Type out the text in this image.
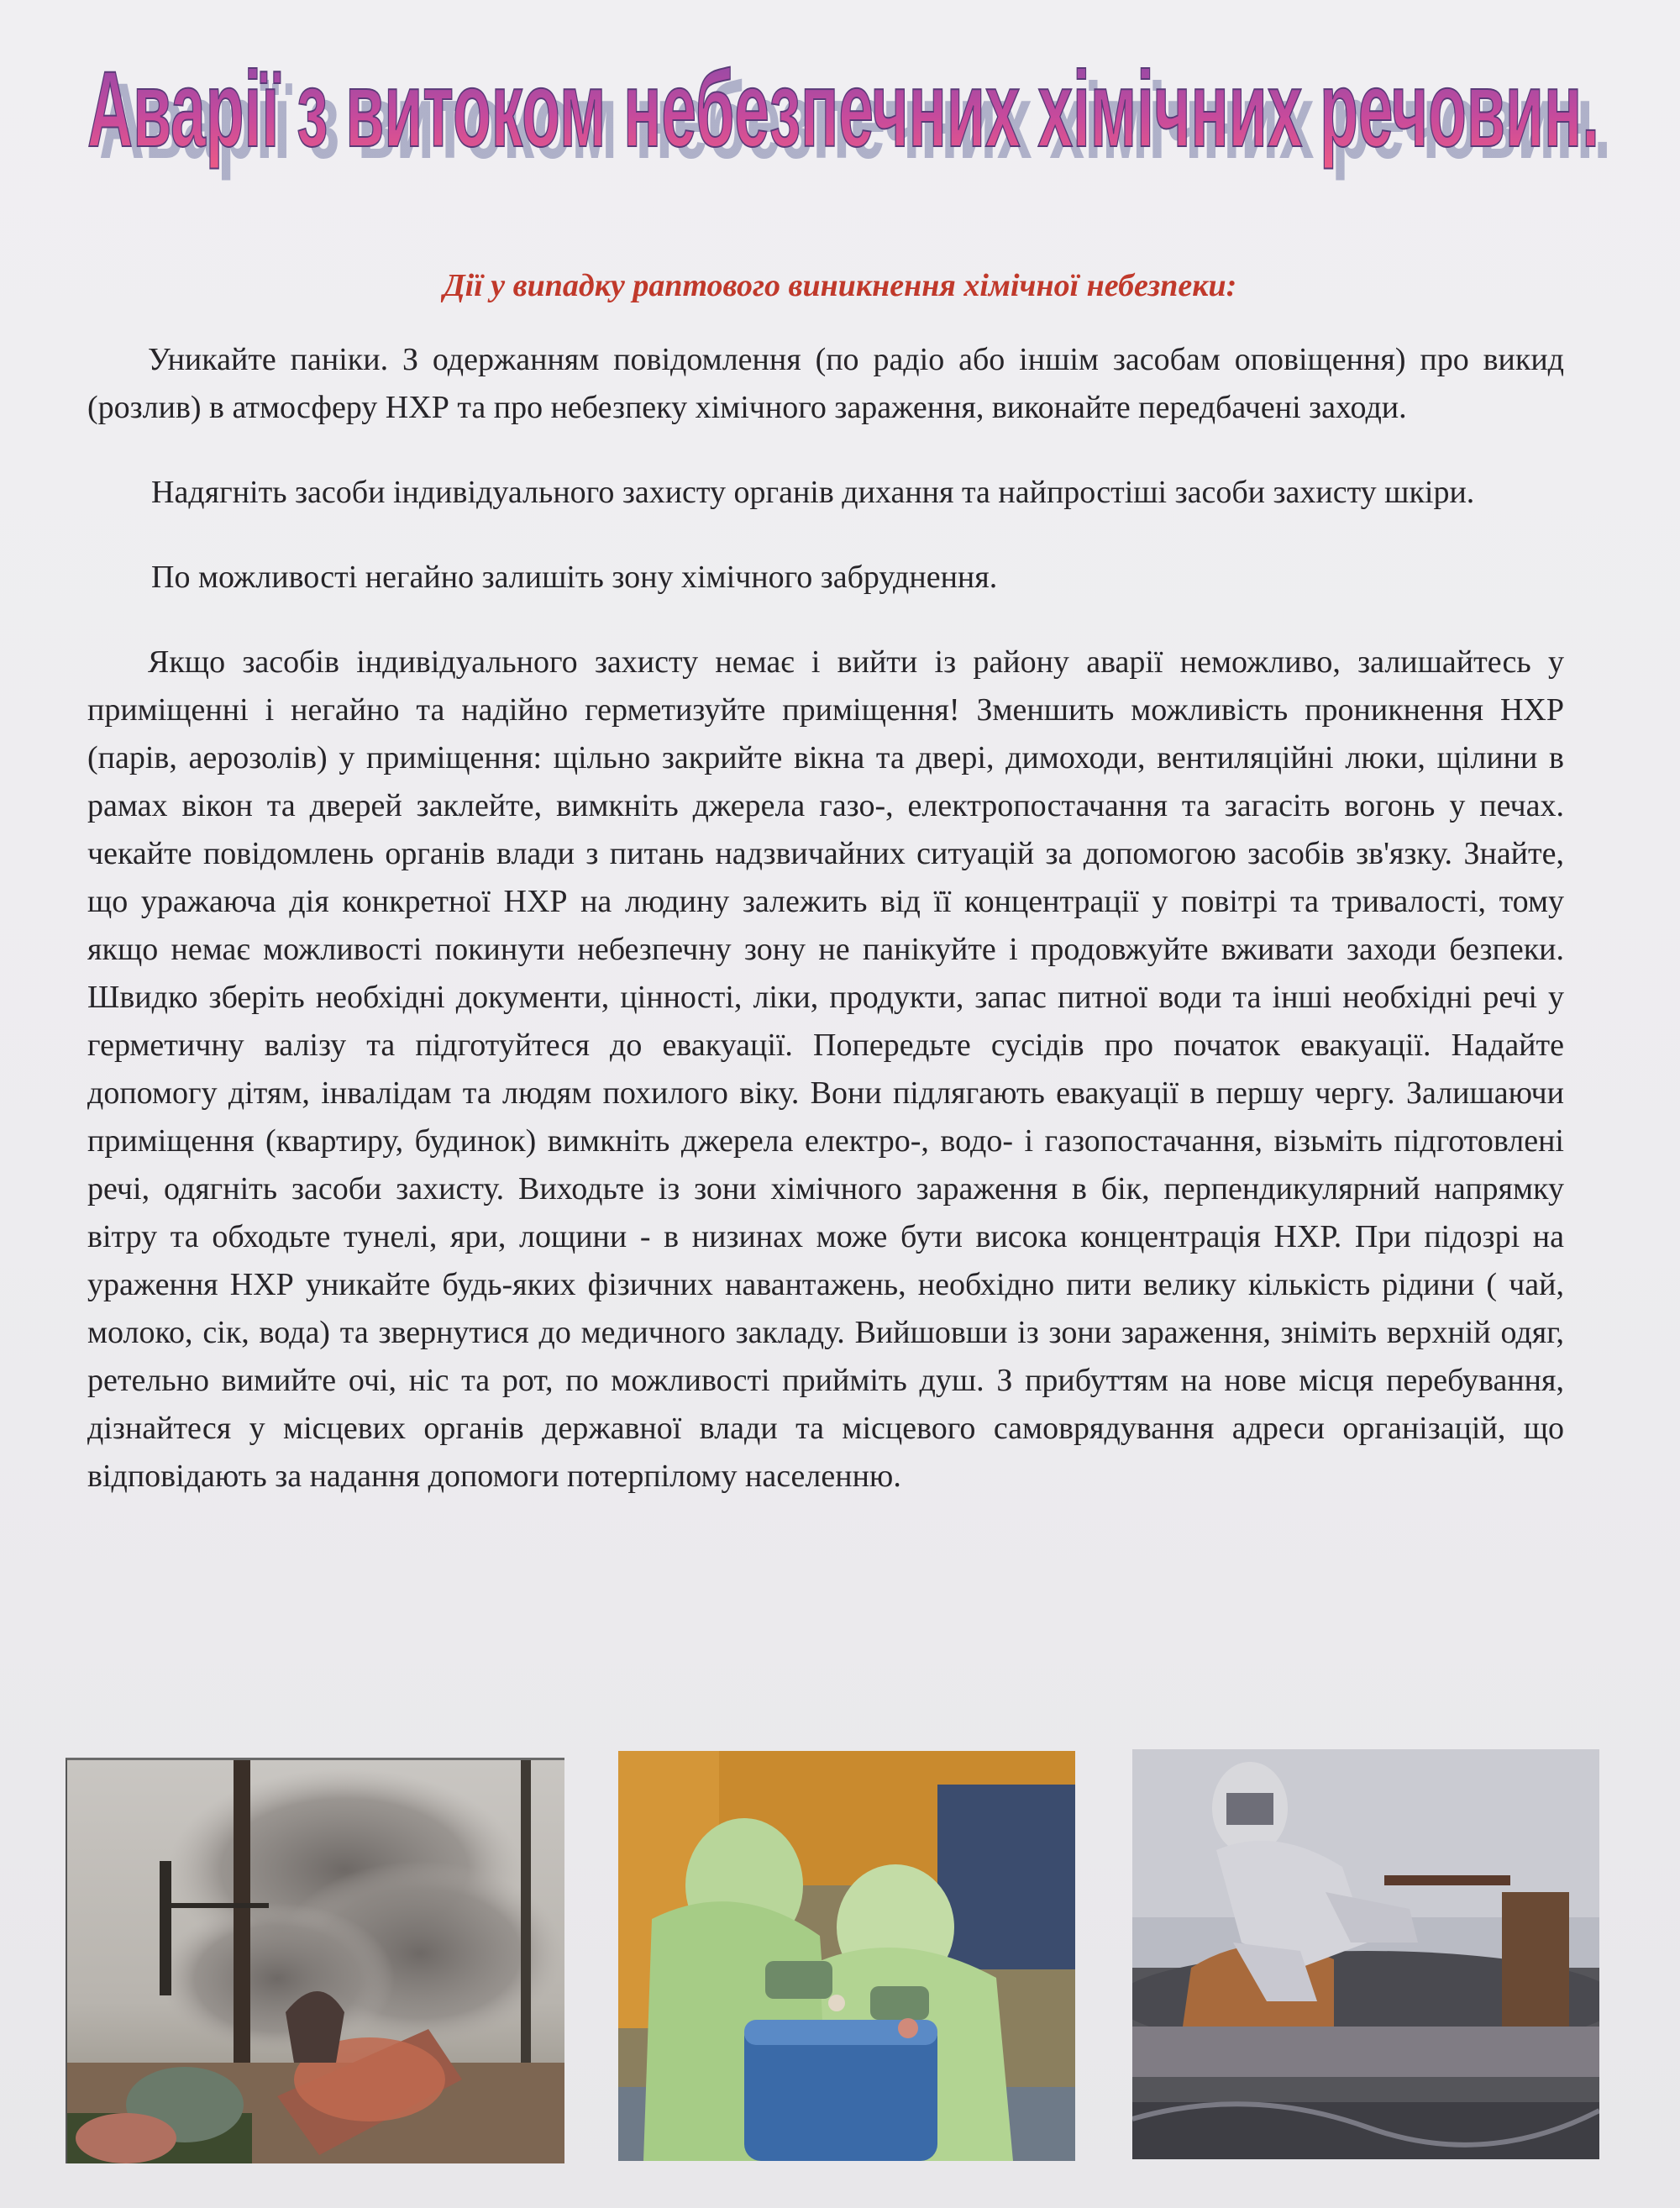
Аварії з витоком небезпечних хімічних речовин.
Аварії з витоком небезпечних хімічних речовин.
Дії у випадку раптового виникнення хімічної небезпеки:

Уникайте паніки. З одержанням повідомлення (по радіо або іншім засобам оповіщення) про викид (розлив) в атмосферу НХР та про небезпеку хімічного зараження, виконайте передбачені заходи.

Надягніть засоби індивідуального захисту органів дихання та найпростіші засоби захисту шкіри.

По можливості негайно залишіть зону хімічного забруднення.

Якщо засобів індивідуального захисту немає і вийти із району аварії неможливо, залишайтесь у приміщенні і негайно та надійно герметизуйте приміщення! Зменшить можливість проникнення НХР (парів, аерозолів) у приміщення: щільно закрийте вікна та двері, димоходи, вентиляційні люки, щілини в рамах вікон та дверей заклейте, вимкніть джерела газо-, електропостачання та загасіть вогонь у печах. чекайте повідомлень органів влади з питань надзвичайних ситуацій за допомогою засобів зв'язку. Знайте, що уражаюча дія конкретної НХР на людину залежить від її концентрації у повітрі та тривалості, тому якщо немає можливості покинути небезпечну зону не панікуйте і продовжуйте вживати заходи безпеки. Швидко зберіть необхідні документи, цінності, ліки, продукти, запас питної води та інші необхідні речі у герметичну валізу та підготуйтеся до евакуації. Попередьте сусідів про початок евакуації. Надайте допомогу дітям, інвалідам та людям похилого віку. Вони підлягають евакуації в першу чергу. Залишаючи приміщення (квартиру, будинок) вимкніть джерела електро-, водо- і газопостачання, візьміть підготовлені речі, одягніть засоби захисту. Виходьте із зони хімічного зараження в бік, перпендикулярний напрямку вітру та обходьте тунелі, яри, лощини - в низинах може бути висока концентрація НХР. При підозрі на ураження НХР уникайте будь-яких фізичних навантажень, необхідно пити велику кількість рідини ( чай, молоко, сік, вода) та звернутися до медичного закладу. Вийшовши із зони зараження, зніміть верхній одяг, ретельно вимийте очі, ніс та рот, по можливості прийміть душ. З прибуттям на нове місця перебування, дізнайтеся у місцевих органів державної влади та місцевого самоврядування адреси організацій, що відповідають за надання допомоги потерпілому населенню.
